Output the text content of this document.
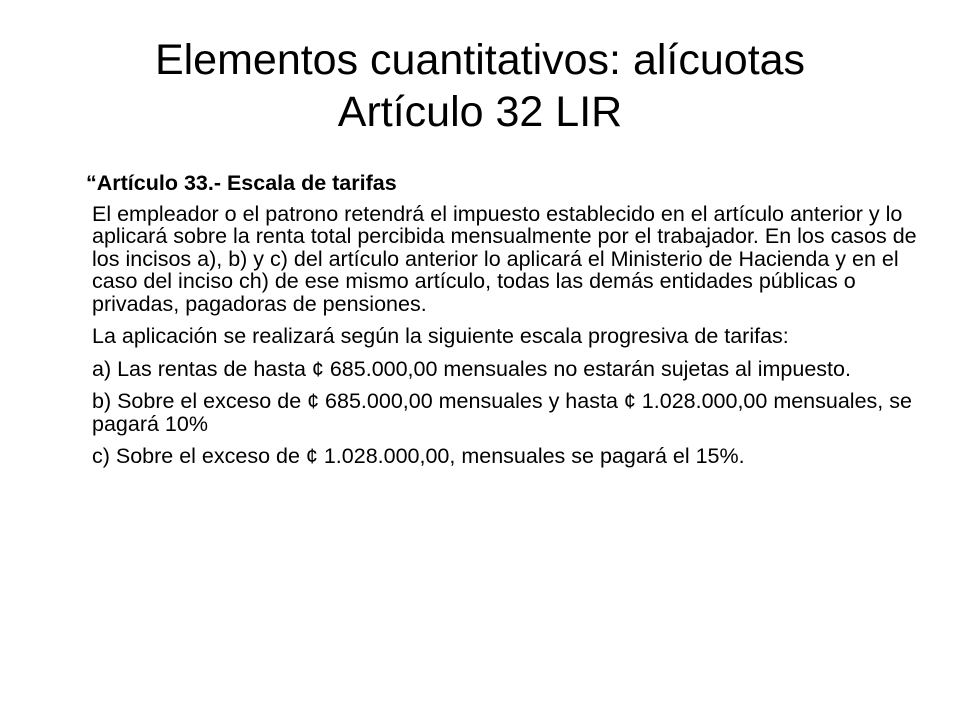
Elementos cuantitativos: alícuotas
Artículo 32 LIR

“Artículo 33.- Escala de tarifas

El empleador o el patrono retendrá el impuesto establecido en el artículo anterior y lo aplicará sobre la renta total percibida mensualmente por el trabajador. En los casos de los incisos a), b) y c) del artículo anterior lo aplicará el Ministerio de Hacienda y en el caso del inciso ch) de ese mismo artículo, todas las demás entidades públicas o privadas, pagadoras de pensiones.

La aplicación se realizará según la siguiente escala progresiva de tarifas:

a) Las rentas de hasta ¢ 685.000,00 mensuales no estarán sujetas al impuesto.

b) Sobre el exceso de ¢ 685.000,00 mensuales y hasta ¢ 1.028.000,00 mensuales, se pagará 10%

c) Sobre el exceso de ¢ 1.028.000,00, mensuales se pagará el 15%.
